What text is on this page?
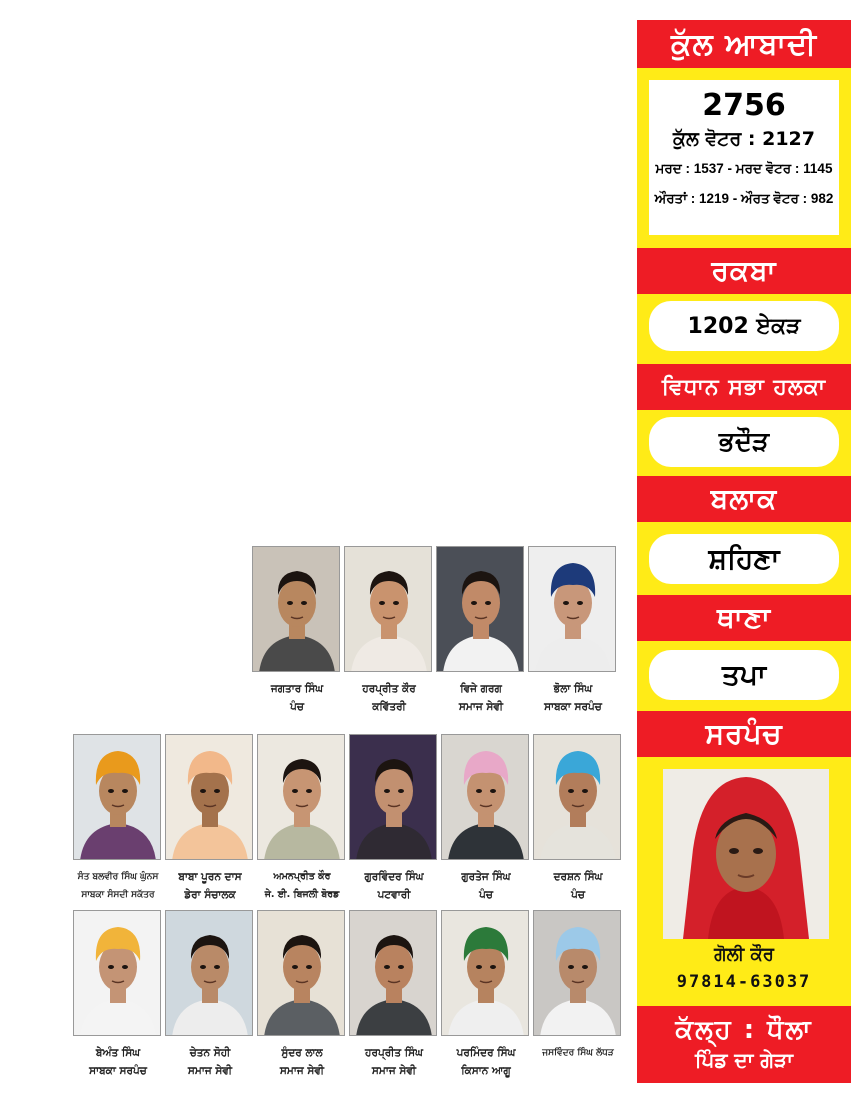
ਕੁੱਲ ਆਬਾਦੀ
2756
ਕੁੱਲ ਵੋਟਰ : 2127
ਮਰਦ : 1537 - ਮਰਦ ਵੋਟਰ : 1145
ਔਰਤਾਂ : 1219 - ਔਰਤ ਵੋਟਰ : 982
ਰਕਬਾ
1202 ਏਕੜ
ਵਿਧਾਨ ਸਭਾ ਹਲਕਾ
ਭਦੌੜ
ਬਲਾਕ
ਸ਼ਹਿਣਾ
ਥਾਣਾ
ਤਪਾ
ਸਰਪੰਚ
ਗੋਲੀ ਕੌਰ
97814-63037
ਕੱਲ੍ਹ : ਧੌਲਾ
ਪਿੰਡ ਦਾ ਗੇੜਾ
ਜਗਤਾਰ ਸਿੰਘ
ਪੰਚ
ਹਰਪ੍ਰੀਤ ਕੌਰ
ਕਵਿੱਤਰੀ
ਵਿਜੇ ਗਰਗ
ਸਮਾਜ ਸੇਵੀ
ਭੋਲਾ ਸਿੰਘ
ਸਾਬਕਾ ਸਰਪੰਚ
ਸੰਤ ਬਲਵੀਰ ਸਿੰਘ ਘੁੰਨਸ
ਸਾਬਕਾ ਸੰਸਦੀ ਸਕੱਤਰ
ਬਾਬਾ ਪੂਰਨ ਦਾਸ
ਡੇਰਾ ਸੰਚਾਲਕ
ਅਮਨਪ੍ਰੀਤ ਕੌਰ
ਜੇ. ਈ. ਬਿਜਲੀ ਬੋਰਡ
ਗੁਰਵਿੰਦਰ ਸਿੰਘ
ਪਟਵਾਰੀ
ਗੁਰਤੇਜ ਸਿੰਘ
ਪੰਚ
ਦਰਸ਼ਨ ਸਿੰਘ
ਪੰਚ
ਬੇਅੰਤ ਸਿੰਘ
ਸਾਬਕਾ ਸਰਪੰਚ
ਚੇਤਨ ਸੋਹੀ
ਸਮਾਜ ਸੇਵੀ
ਸੁੰਦਰ ਲਾਲ
ਸਮਾਜ ਸੇਵੀ
ਹਰਪ੍ਰੀਤ ਸਿੰਘ
ਸਮਾਜ ਸੇਵੀ
ਪਰਮਿੰਦਰ ਸਿੰਘ
ਕਿਸਾਨ ਆਗੂ
ਜਸਵਿੰਦਰ ਸਿੰਘ ਲੱਧੜ
